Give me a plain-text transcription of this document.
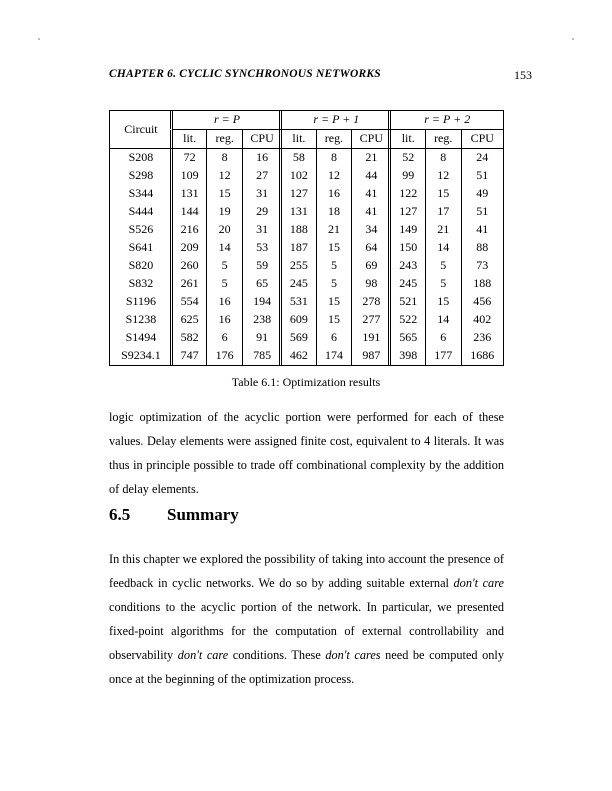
CHAPTER 6. CYCLIC SYNCHRONOUS NETWORKS	153
Circuit	r = P			r = P + 1			r = P + 2		
	lit.	reg.	CPU	lit.	reg.	CPU	lit.	reg.	CPU
S208	72	8	16	58	8	21	52	8	24
S298	109	12	27	102	12	44	99	12	51
S344	131	15	31	127	16	41	122	15	49
S444	144	19	29	131	18	41	127	17	51
S526	216	20	31	188	21	34	149	21	41
S641	209	14	53	187	15	64	150	14	88
S820	260	5	59	255	5	69	243	5	73
S832	261	5	65	245	5	98	245	5	188
S1196	554	16	194	531	15	278	521	15	456
S1238	625	16	238	609	15	277	522	14	402
S1494	582	6	91	569	6	191	565	6	236
S9234.1	747	176	785	462	174	987	398	177	1686
Table 6.1: Optimization results
logic optimization of the acyclic portion were performed for each of these values. Delay elements were assigned finite cost, equivalent to 4 literals. It was thus in principle possible to trade off combinational complexity by the addition of delay elements.
6.5 Summary
In this chapter we explored the possibility of taking into account the presence of feedback in cyclic networks. We do so by adding suitable external don't care conditions to the acyclic portion of the network. In particular, we presented fixed-point algorithms for the computation of external controllability and observability don't care conditions. These don't cares need be computed only once at the beginning of the optimization process.
